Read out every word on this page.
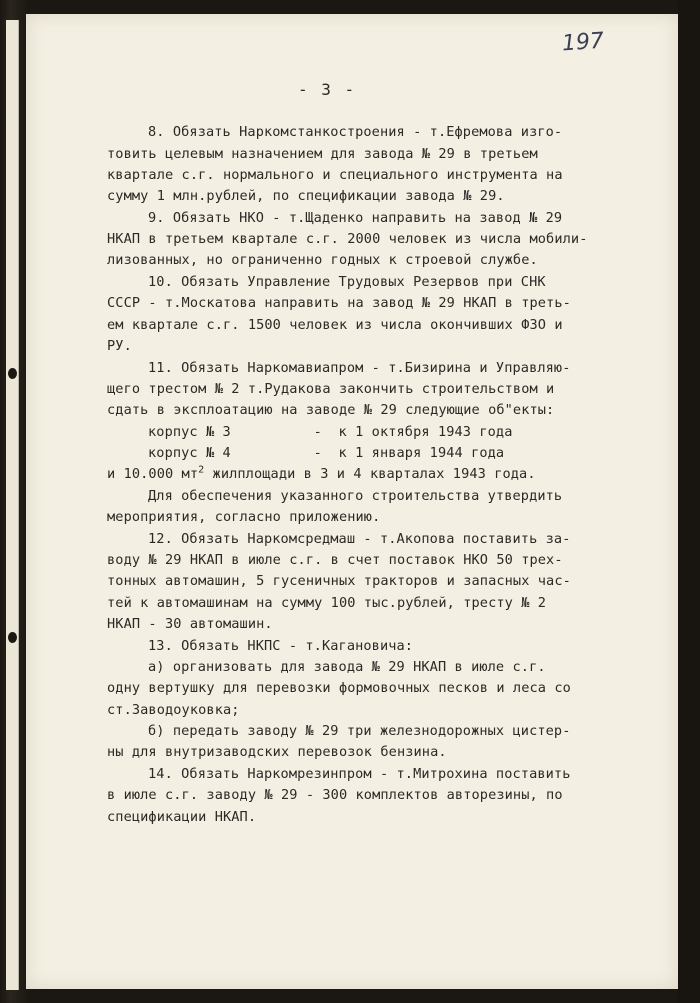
197
- 3 -
8. Обязать Наркомстанкостроения - т.Ефремова изго-
товить целевым назначением для завода № 29 в третьем
квартале с.г. нормального и специального инструмента на
сумму 1 млн.рублей, по спецификации завода № 29.
9. Обязать НКО - т.Щаденко направить на завод № 29
НКАП в третьем квартале с.г. 2000 человек из числа мобили-
лизованных, но ограниченно годных к строевой службе.
10. Обязать Управление Трудовых Резервов при СНК
СССР - т.Москатова направить на завод № 29 НКАП в треть-
ем квартале с.г. 1500 человек из числа окончивших ФЗО и
РУ.
11. Обязать Наркомавиапром - т.Бизирина и Управляю-
щего трестом № 2 т.Рудакова закончить строительством и
сдать в эксплоатацию на заводе № 29 следующие об"екты:
корпус № 3          -  к 1 октября 1943 года
корпус № 4          -  к 1 января 1944 года
и 10.000 $мт^2$ жилплощади в 3 и 4 кварталах 1943 года.
Для обеспечения указанного строительства утвердить
мероприятия, согласно приложению.
12. Обязать Наркомсредмаш - т.Акопова поставить за-
воду № 29 НКАП в июле с.г. в счет поставок НКО 50 трех-
тонных автомашин, 5 гусеничных тракторов и запасных час-
тей к автомашинам на сумму 100 тыс.рублей, тресту № 2
НКАП - 30 автомашин.
13. Обязать НКПС - т.Кагановича:
а) организовать для завода № 29 НКАП в июле с.г.
одну вертушку для перевозки формовочных песков и леса со
ст.Заводоуковка;
б) передать заводу № 29 три железнодорожных цистер-
ны для внутризаводских перевозок бензина.
14. Обязать Наркомрезинпром - т.Митрохина поставить
в июле с.г. заводу № 29 - 300 комплектов авторезины, по
спецификации НКАП.
